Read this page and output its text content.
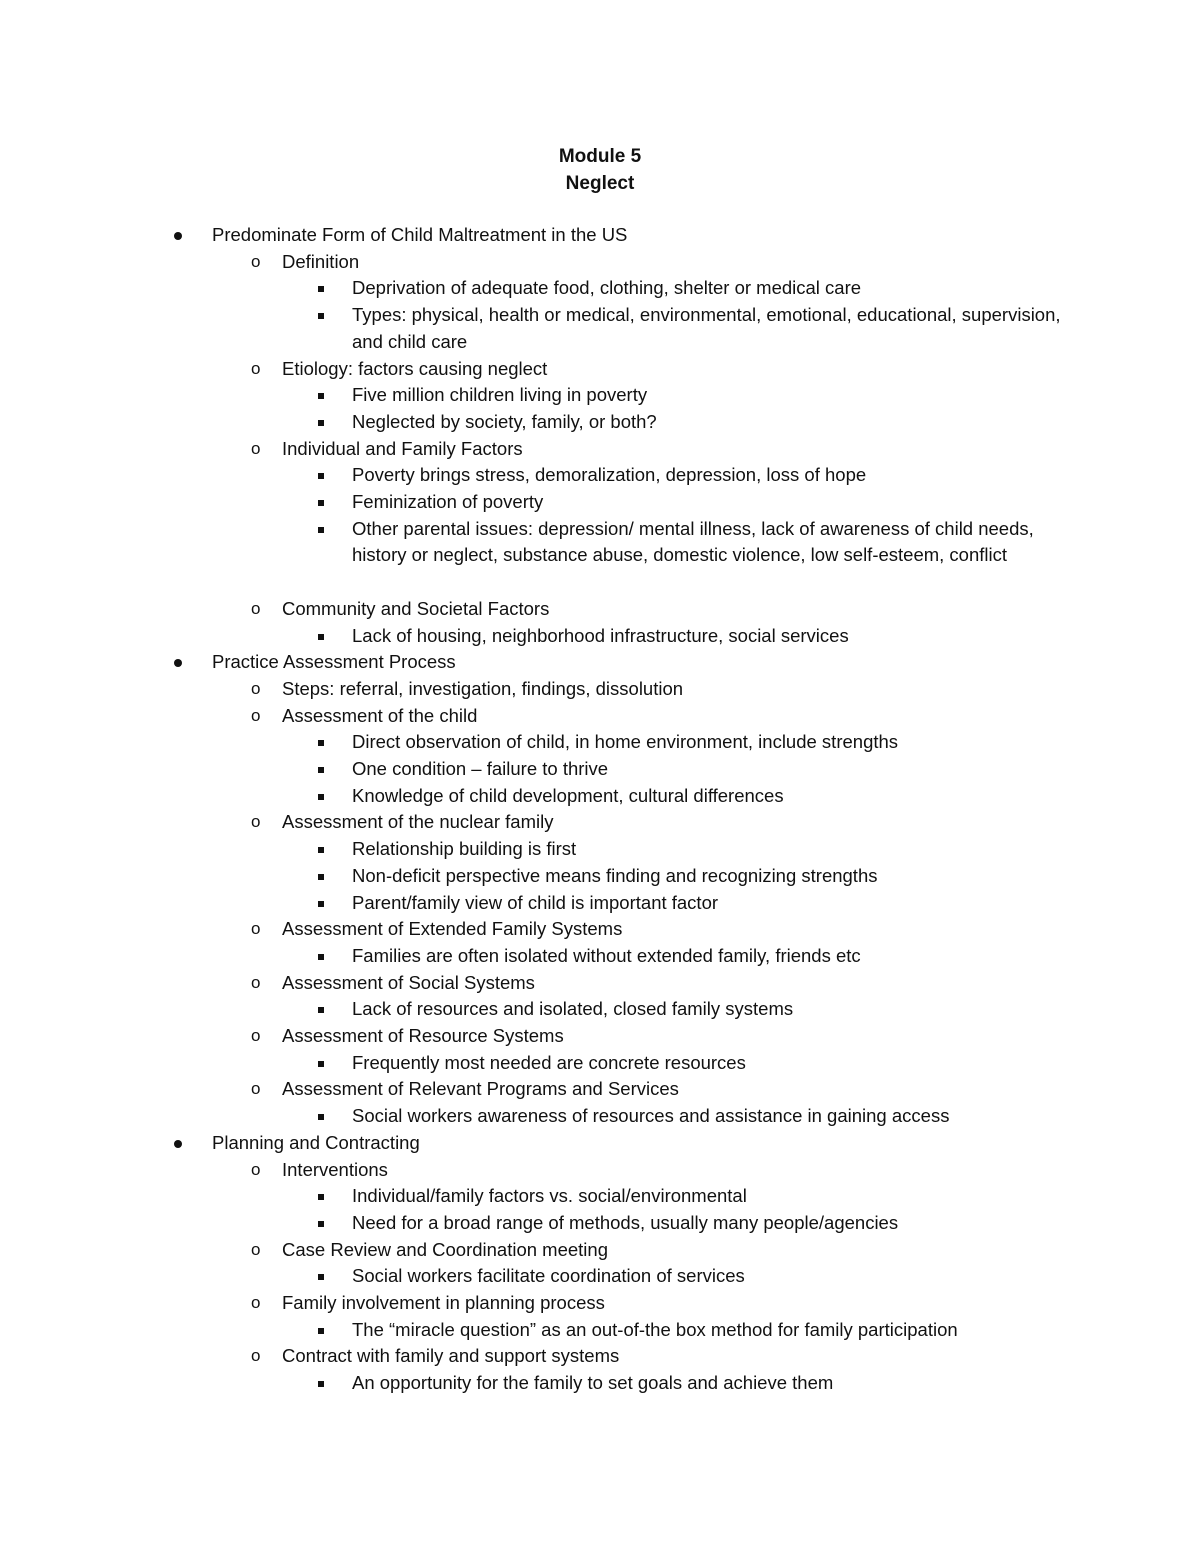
Module 5
Neglect
Predominate Form of Child Maltreatment in the US
o Definition
Deprivation of adequate food, clothing, shelter or medical care
Types: physical, health or medical, environmental, emotional, educational, supervision, and child care
o Etiology: factors causing neglect
Five million children living in poverty
Neglected by society, family, or both?
o Individual and Family Factors
Poverty brings stress, demoralization, depression, loss of hope
Feminization of poverty
Other parental issues: depression/ mental illness, lack of awareness of child needs, history or neglect, substance abuse, domestic violence, low self-esteem, conflict
o Community and Societal Factors
Lack of housing, neighborhood infrastructure, social services
Practice Assessment Process
o Steps: referral, investigation, findings, dissolution
o Assessment of the child
Direct observation of child, in home environment, include strengths
One condition – failure to thrive
Knowledge of child development, cultural differences
o Assessment of the nuclear family
Relationship building is first
Non-deficit perspective means finding and recognizing strengths
Parent/family view of child is important factor
o Assessment of Extended Family Systems
Families are often isolated without extended family, friends etc
o Assessment of Social Systems
Lack of resources and isolated, closed family systems
o Assessment of Resource Systems
Frequently most needed are concrete resources
o Assessment of Relevant Programs and Services
Social workers awareness of resources and assistance in gaining access
Planning and Contracting
o Interventions
Individual/family factors vs. social/environmental
Need for a broad range of methods, usually many people/agencies
o Case Review and Coordination meeting
Social workers facilitate coordination of services
o Family involvement in planning process
The “miracle question” as an out-of-the box method for family participation
o Contract with family and support systems
An opportunity for the family to set goals and achieve them
